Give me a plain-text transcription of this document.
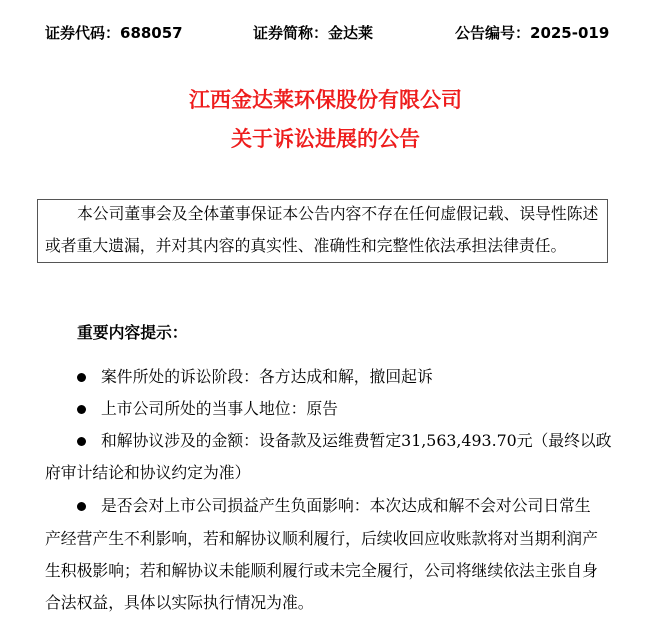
证券代码：688057	证券简称：金达莱	公告编号：2025-019
江西金达莱环保股份有限公司
关于诉讼进展的公告
本公司董事会及全体董事保证本公告内容不存在任何虚假记载、误导性陈述
或者重大遗漏，并对其内容的真实性、准确性和完整性依法承担法律责任。
重要内容提示：
案件所处的诉讼阶段：各方达成和解，撤回起诉
上市公司所处的当事人地位：原告
和解协议涉及的金额：设备款及运维费暂定31,563,493.70元（最终以政
府审计结论和协议约定为准）
是否会对上市公司损益产生负面影响：本次达成和解不会对公司日常生
产经营产生不利影响，若和解协议顺利履行，后续收回应收账款将对当期利润产
生积极影响；若和解协议未能顺利履行或未完全履行，公司将继续依法主张自身
合法权益，具体以实际执行情况为准。
